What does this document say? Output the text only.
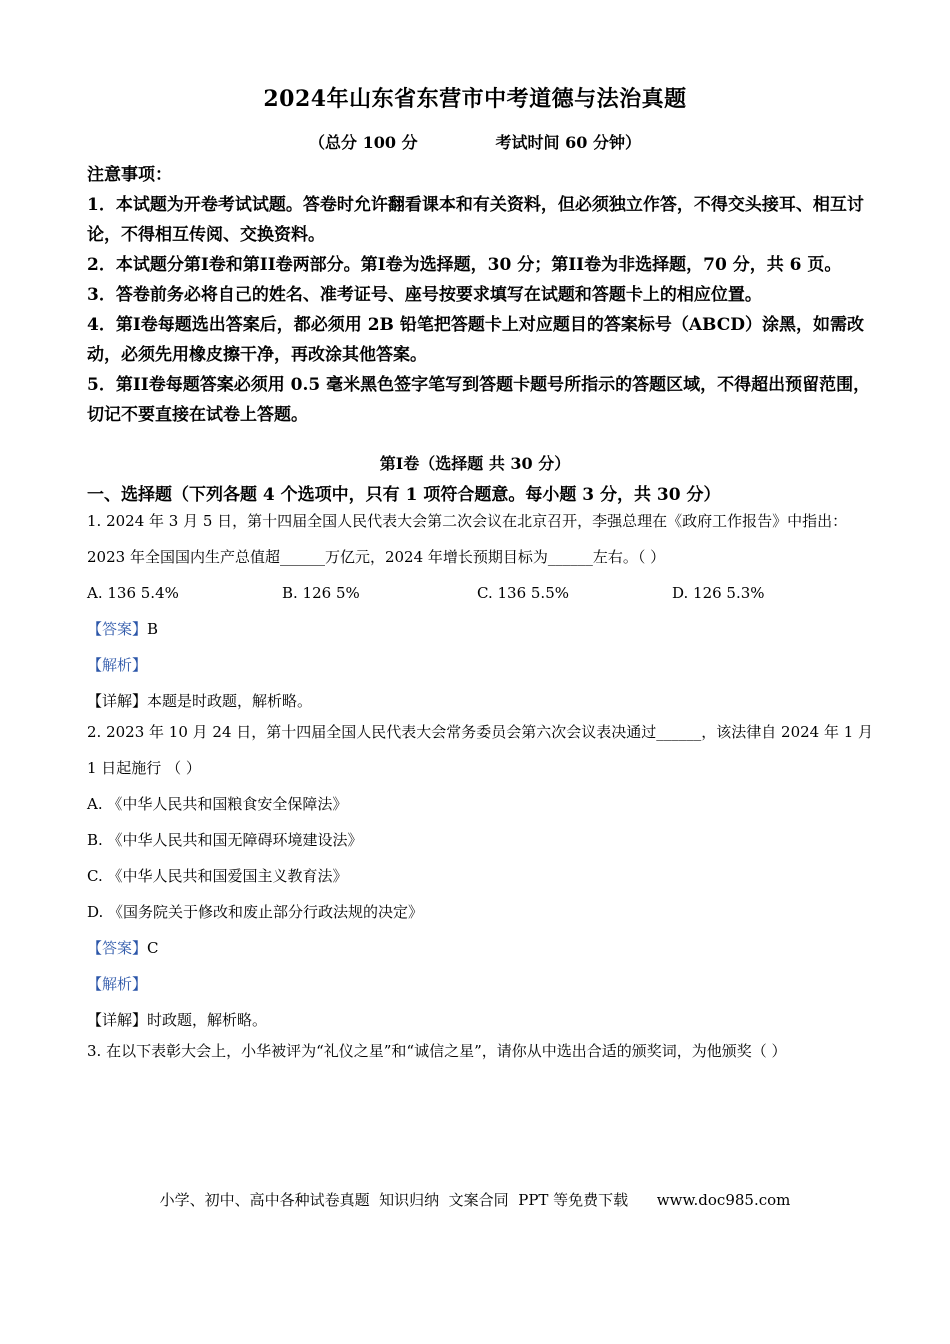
2024年山东省东营市中考道德与法治真题
（总分 100 分              考试时间 60 分钟）

注意事项：

1．本试题为开卷考试试题。答卷时允许翻看课本和有关资料，但必须独立作答，不得交头接耳、相互讨论，不得相互传阅、交换资料。

2．本试题分第I卷和第II卷两部分。第I卷为选择题，30 分；第II卷为非选择题，70 分，共 6 页。

3．答卷前务必将自己的姓名、准考证号、座号按要求填写在试题和答题卡上的相应位置。

4．第I卷每题选出答案后，都必须用 2B 铅笔把答题卡上对应题目的答案标号（ABCD）涂黑，如需改动，必须先用橡皮擦干净，再改涂其他答案。

5．第II卷每题答案必须用 0.5 毫米黑色签字笔写到答题卡题号所指示的答题区域，不得超出预留范围，切记不要直接在试卷上答题。

第Ⅰ卷（选择题 共 30 分）
一、选择题（下列各题 4 个选项中，只有 1 项符合题意。每小题 3 分，共 30 分）

1. 2024 年 3 月 5 日，第十四届全国人民代表大会第二次会议在北京召开，李强总理在《政府工作报告》中指出：2023 年全国国内生产总值超______万亿元，2024 年增长预期目标为______左右。（ ）

A. 136 5.4%	B. 126 5%	C. 136 5.5%	D. 126 5.3%

【答案】B

【解析】

【详解】本题是时政题，解析略。

2. 2023 年 10 月 24 日，第十四届全国人民代表大会常务委员会第六次会议表决通过______，该法律自 2024 年 1 月 1 日起施行 （ ）

A. 《中华人民共和国粮食安全保障法》

B. 《中华人民共和国无障碍环境建设法》

C. 《中华人民共和国爱国主义教育法》

D. 《国务院关于修改和废止部分行政法规的决定》

【答案】C

【解析】

【详解】时政题，解析略。

3. 在以下表彰大会上，小华被评为“礼仪之星”和“诚信之星”，请你从中选出合适的颁奖词，为他颁奖（ ）

小学、初中、高中各种试卷真题  知识归纳  文案合同  PPT 等免费下载      www.doc985.com
